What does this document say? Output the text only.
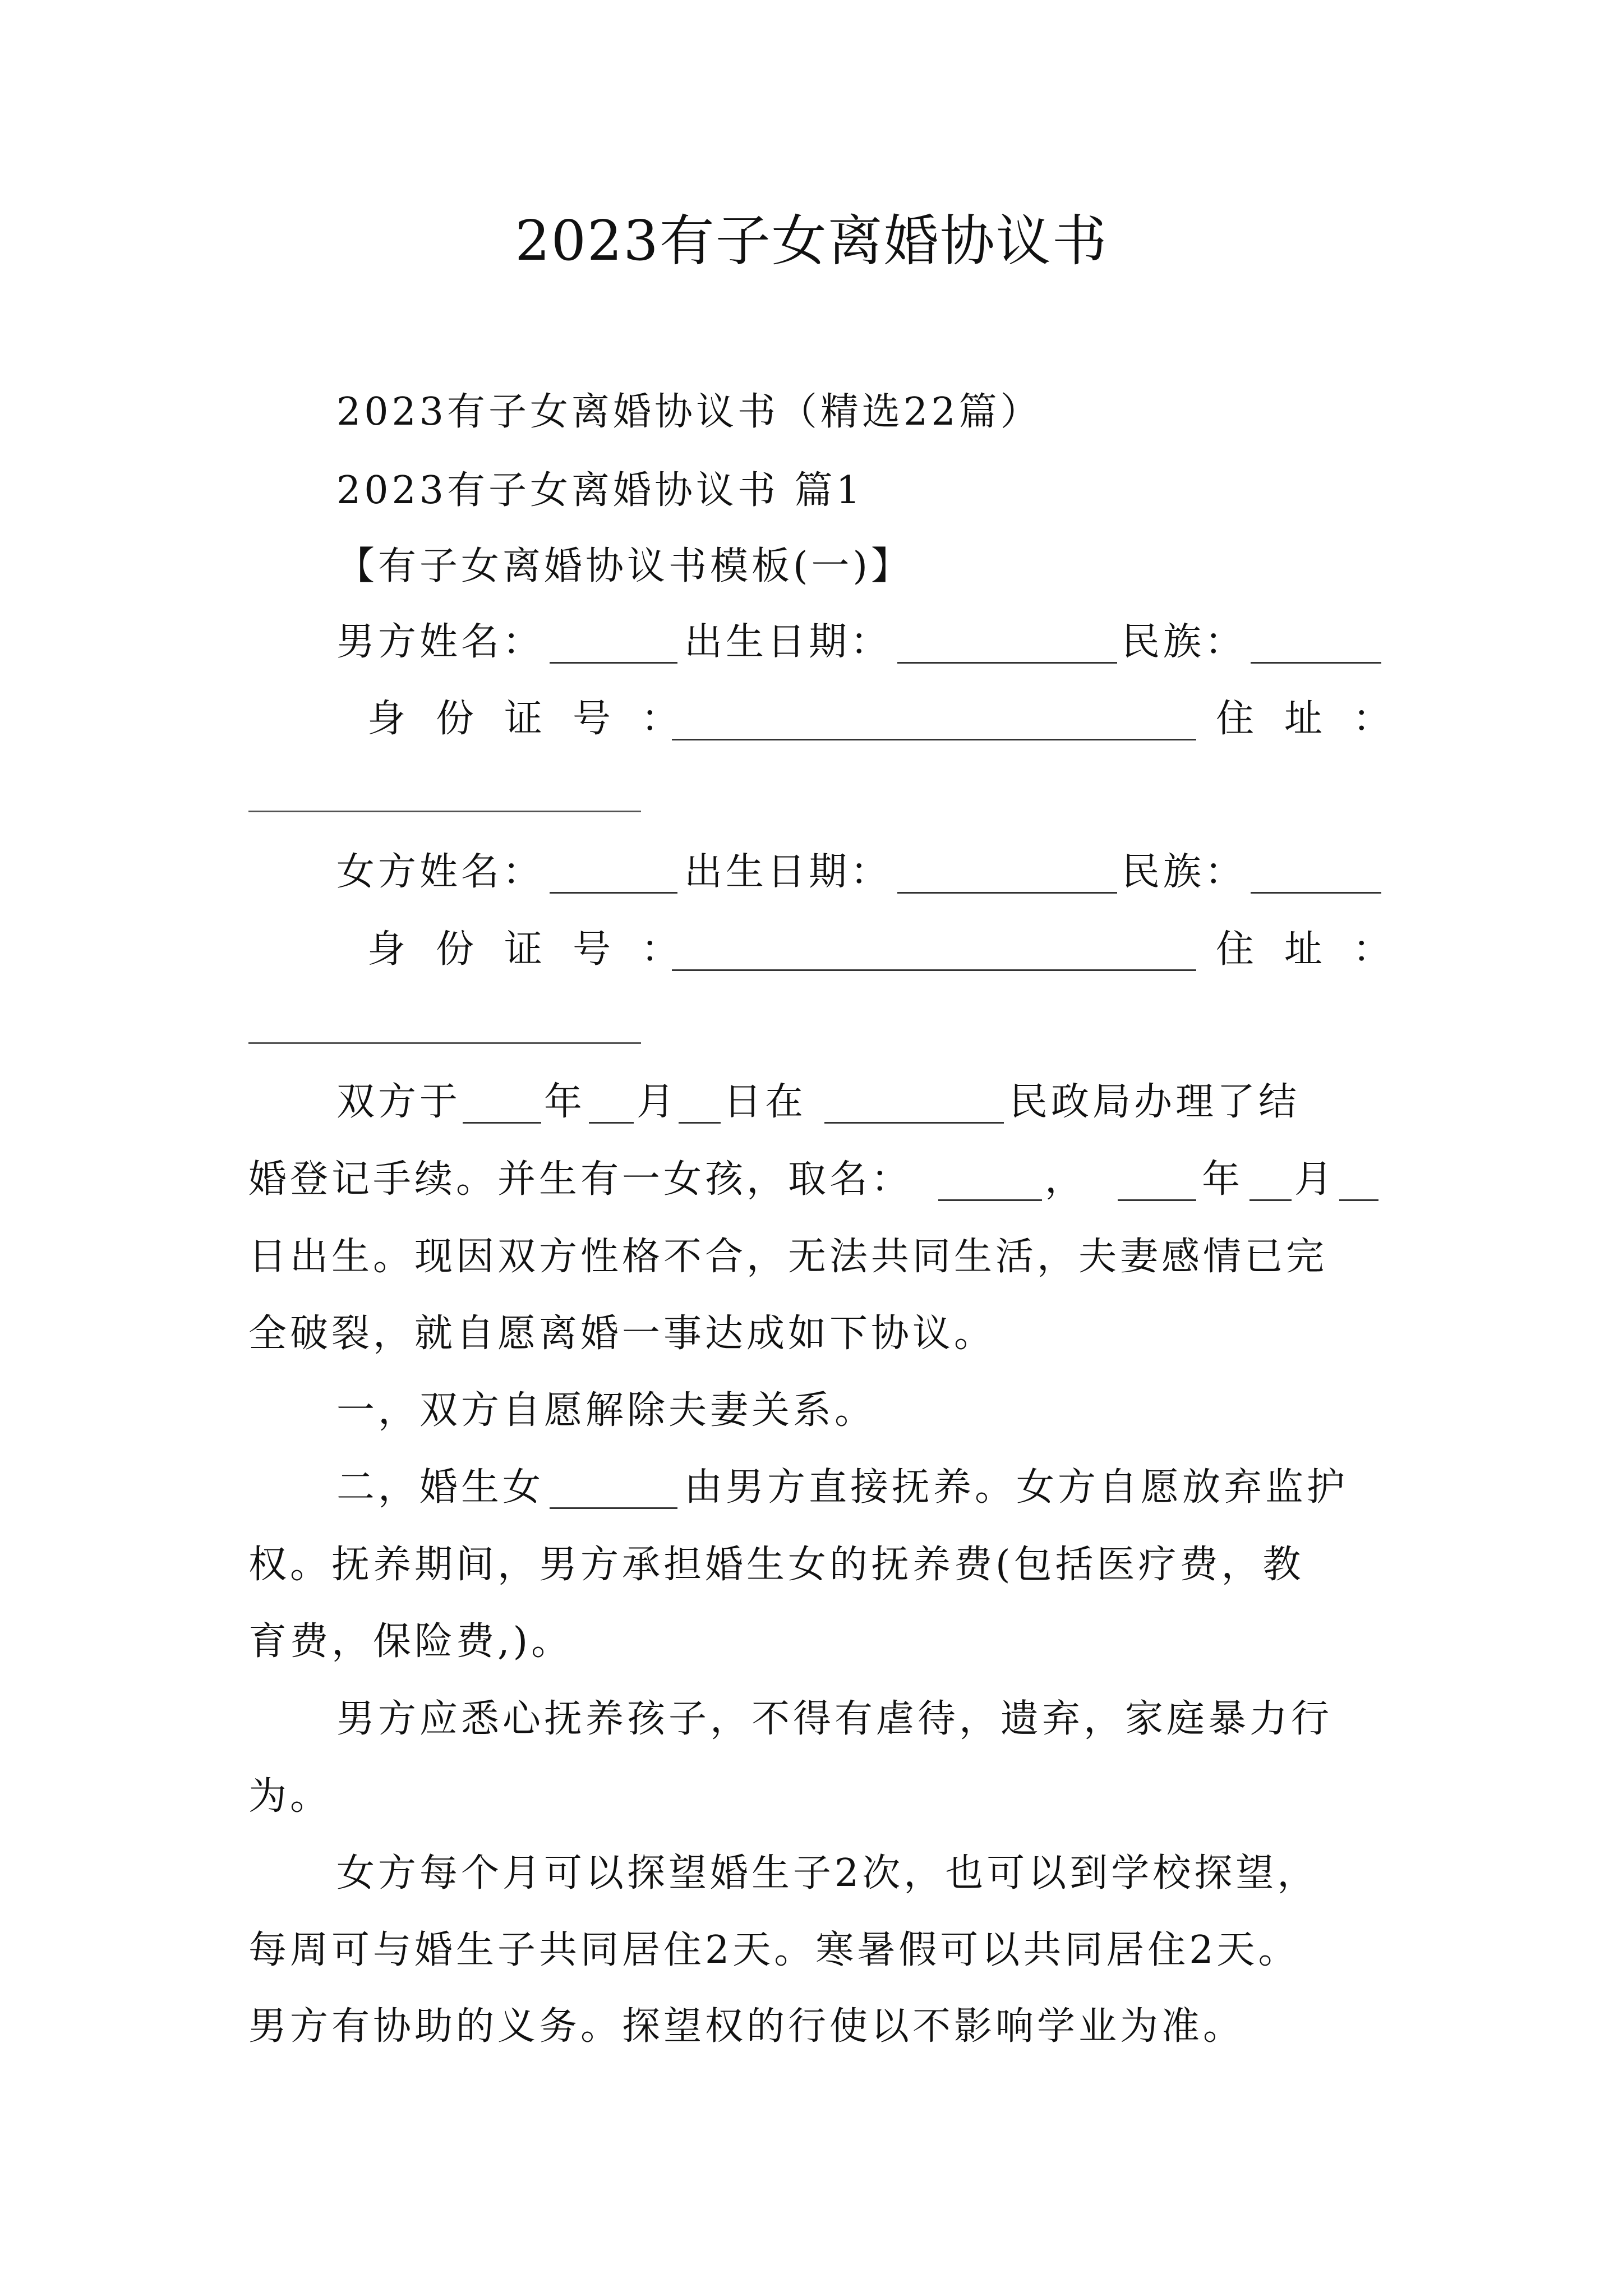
2023有子女离婚协议书
2023有子女离婚协议书（精选22篇）
2023有子女离婚协议书 篇1
【有子女离婚协议书模板(一)】
男方姓名：	出生日期：	民族：
身份证号：	住址：
女方姓名：	出生日期：	民族：
身份证号：	住址：
双方于 年 月 日在	民政局办理了结
婚登记手续。并生有一女孩，取名：	，	年 月
日出生。现因双方性格不合，无法共同生活，夫妻感情已完
全破裂，就自愿离婚一事达成如下协议。
一，双方自愿解除夫妻关系。
二，婚生女	由男方直接抚养。女方自愿放弃监护
权。抚养期间，男方承担婚生女的抚养费(包括医疗费，教
育费，保险费,)。
男方应悉心抚养孩子，不得有虐待，遗弃，家庭暴力行
为。
女方每个月可以探望婚生子2次，也可以到学校探望，
每周可与婚生子共同居住2天。寒暑假可以共同居住2天。
男方有协助的义务。探望权的行使以不影响学业为准。
